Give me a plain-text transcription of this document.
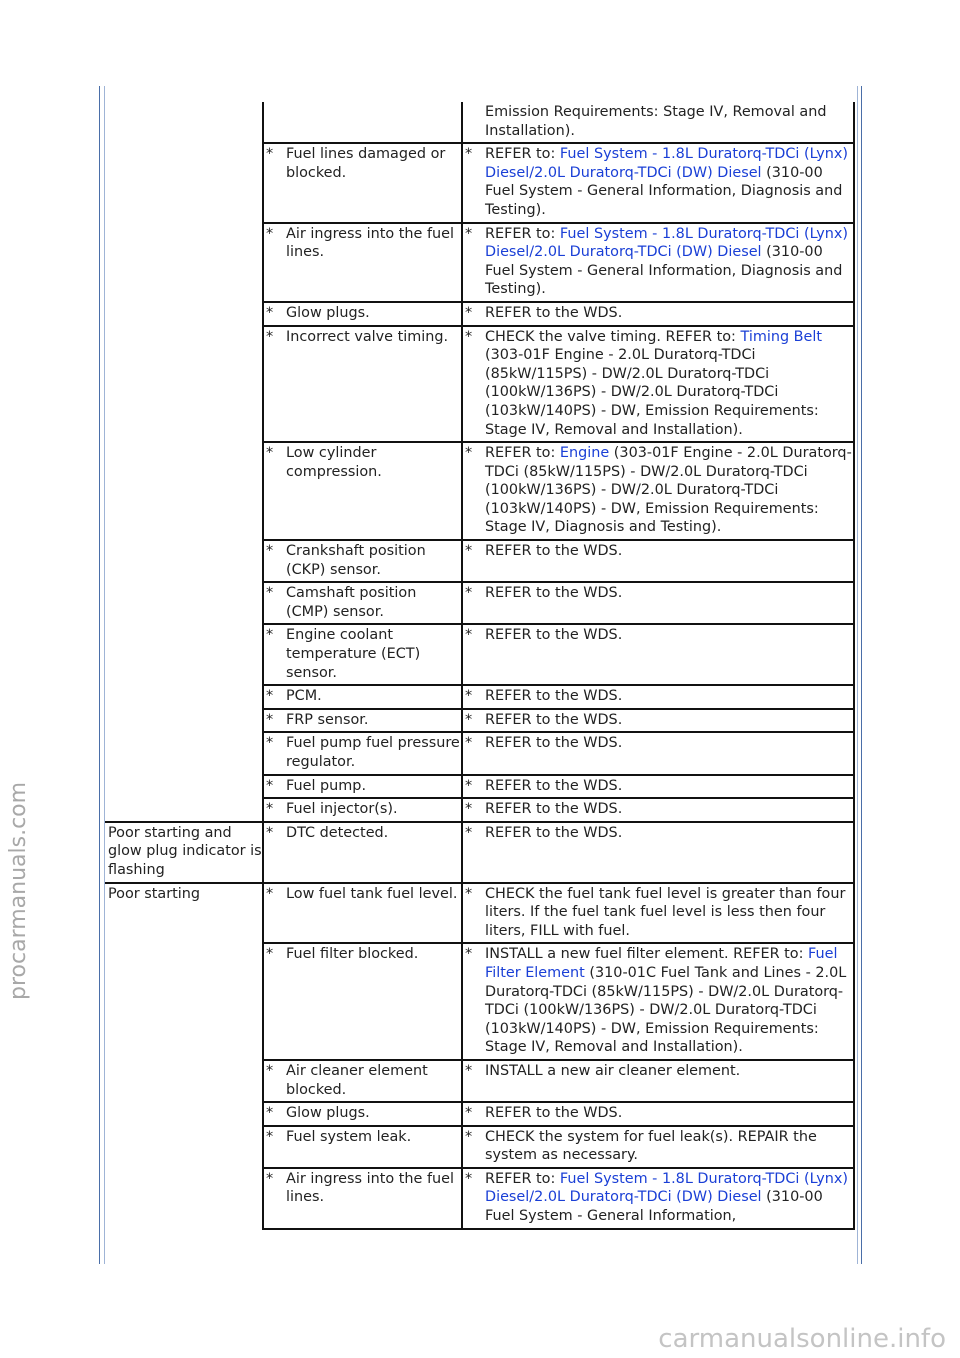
		Emission Requirements: Stage IV, Removal and Installation).

	* Fuel lines damaged or blocked.	* REFER to: Fuel System - 1.8L Duratorq-TDCi (Lynx) Diesel/2.0L Duratorq-TDCi (DW) Diesel (310-00 Fuel System - General Information, Diagnosis and Testing).

	* Air ingress into the fuel lines.	* REFER to: Fuel System - 1.8L Duratorq-TDCi (Lynx) Diesel/2.0L Duratorq-TDCi (DW) Diesel (310-00 Fuel System - General Information, Diagnosis and Testing).

	* Glow plugs.	* REFER to the WDS.

	* Incorrect valve timing.	* CHECK the valve timing. REFER to: Timing Belt (303-01F Engine - 2.0L Duratorq-TDCi (85kW/115PS) - DW/2.0L Duratorq-TDCi (100kW/136PS) - DW/2.0L Duratorq-TDCi (103kW/140PS) - DW, Emission Requirements: Stage IV, Removal and Installation).

	* Low cylinder compression.	* REFER to: Engine (303-01F Engine - 2.0L Duratorq-TDCi (85kW/115PS) - DW/2.0L Duratorq-TDCi (100kW/136PS) - DW/2.0L Duratorq-TDCi (103kW/140PS) - DW, Emission Requirements: Stage IV, Diagnosis and Testing).

	* Crankshaft position (CKP) sensor.	* REFER to the WDS.

	* Camshaft position (CMP) sensor.	* REFER to the WDS.

	* Engine coolant temperature (ECT) sensor.	* REFER to the WDS.

	* PCM.	* REFER to the WDS.

	* FRP sensor.	* REFER to the WDS.

	* Fuel pump fuel pressure regulator.	* REFER to the WDS.

	* Fuel pump.	* REFER to the WDS.

	* Fuel injector(s).	* REFER to the WDS.

Poor starting and glow plug indicator is flashing	* DTC detected.	* REFER to the WDS.

Poor starting	* Low fuel tank fuel level.	* CHECK the fuel tank fuel level is greater than four liters. If the fuel tank fuel level is less then four liters, FILL with fuel.

	* Fuel filter blocked.	* INSTALL a new fuel filter element. REFER to: Fuel Filter Element (310-01C Fuel Tank and Lines - 2.0L Duratorq-TDCi (85kW/115PS) - DW/2.0L Duratorq-TDCi (100kW/136PS) - DW/2.0L Duratorq-TDCi (103kW/140PS) - DW, Emission Requirements: Stage IV, Removal and Installation).

	* Air cleaner element blocked.	* INSTALL a new air cleaner element.

	* Glow plugs.	* REFER to the WDS.

	* Fuel system leak.	* CHECK the system for fuel leak(s). REPAIR the system as necessary.

	* Air ingress into the fuel lines.	* REFER to: Fuel System - 1.8L Duratorq-TDCi (Lynx) Diesel/2.0L Duratorq-TDCi (DW) Diesel (310-00 Fuel System - General Information,
procarmanuals.com
carmanualsonline.info
